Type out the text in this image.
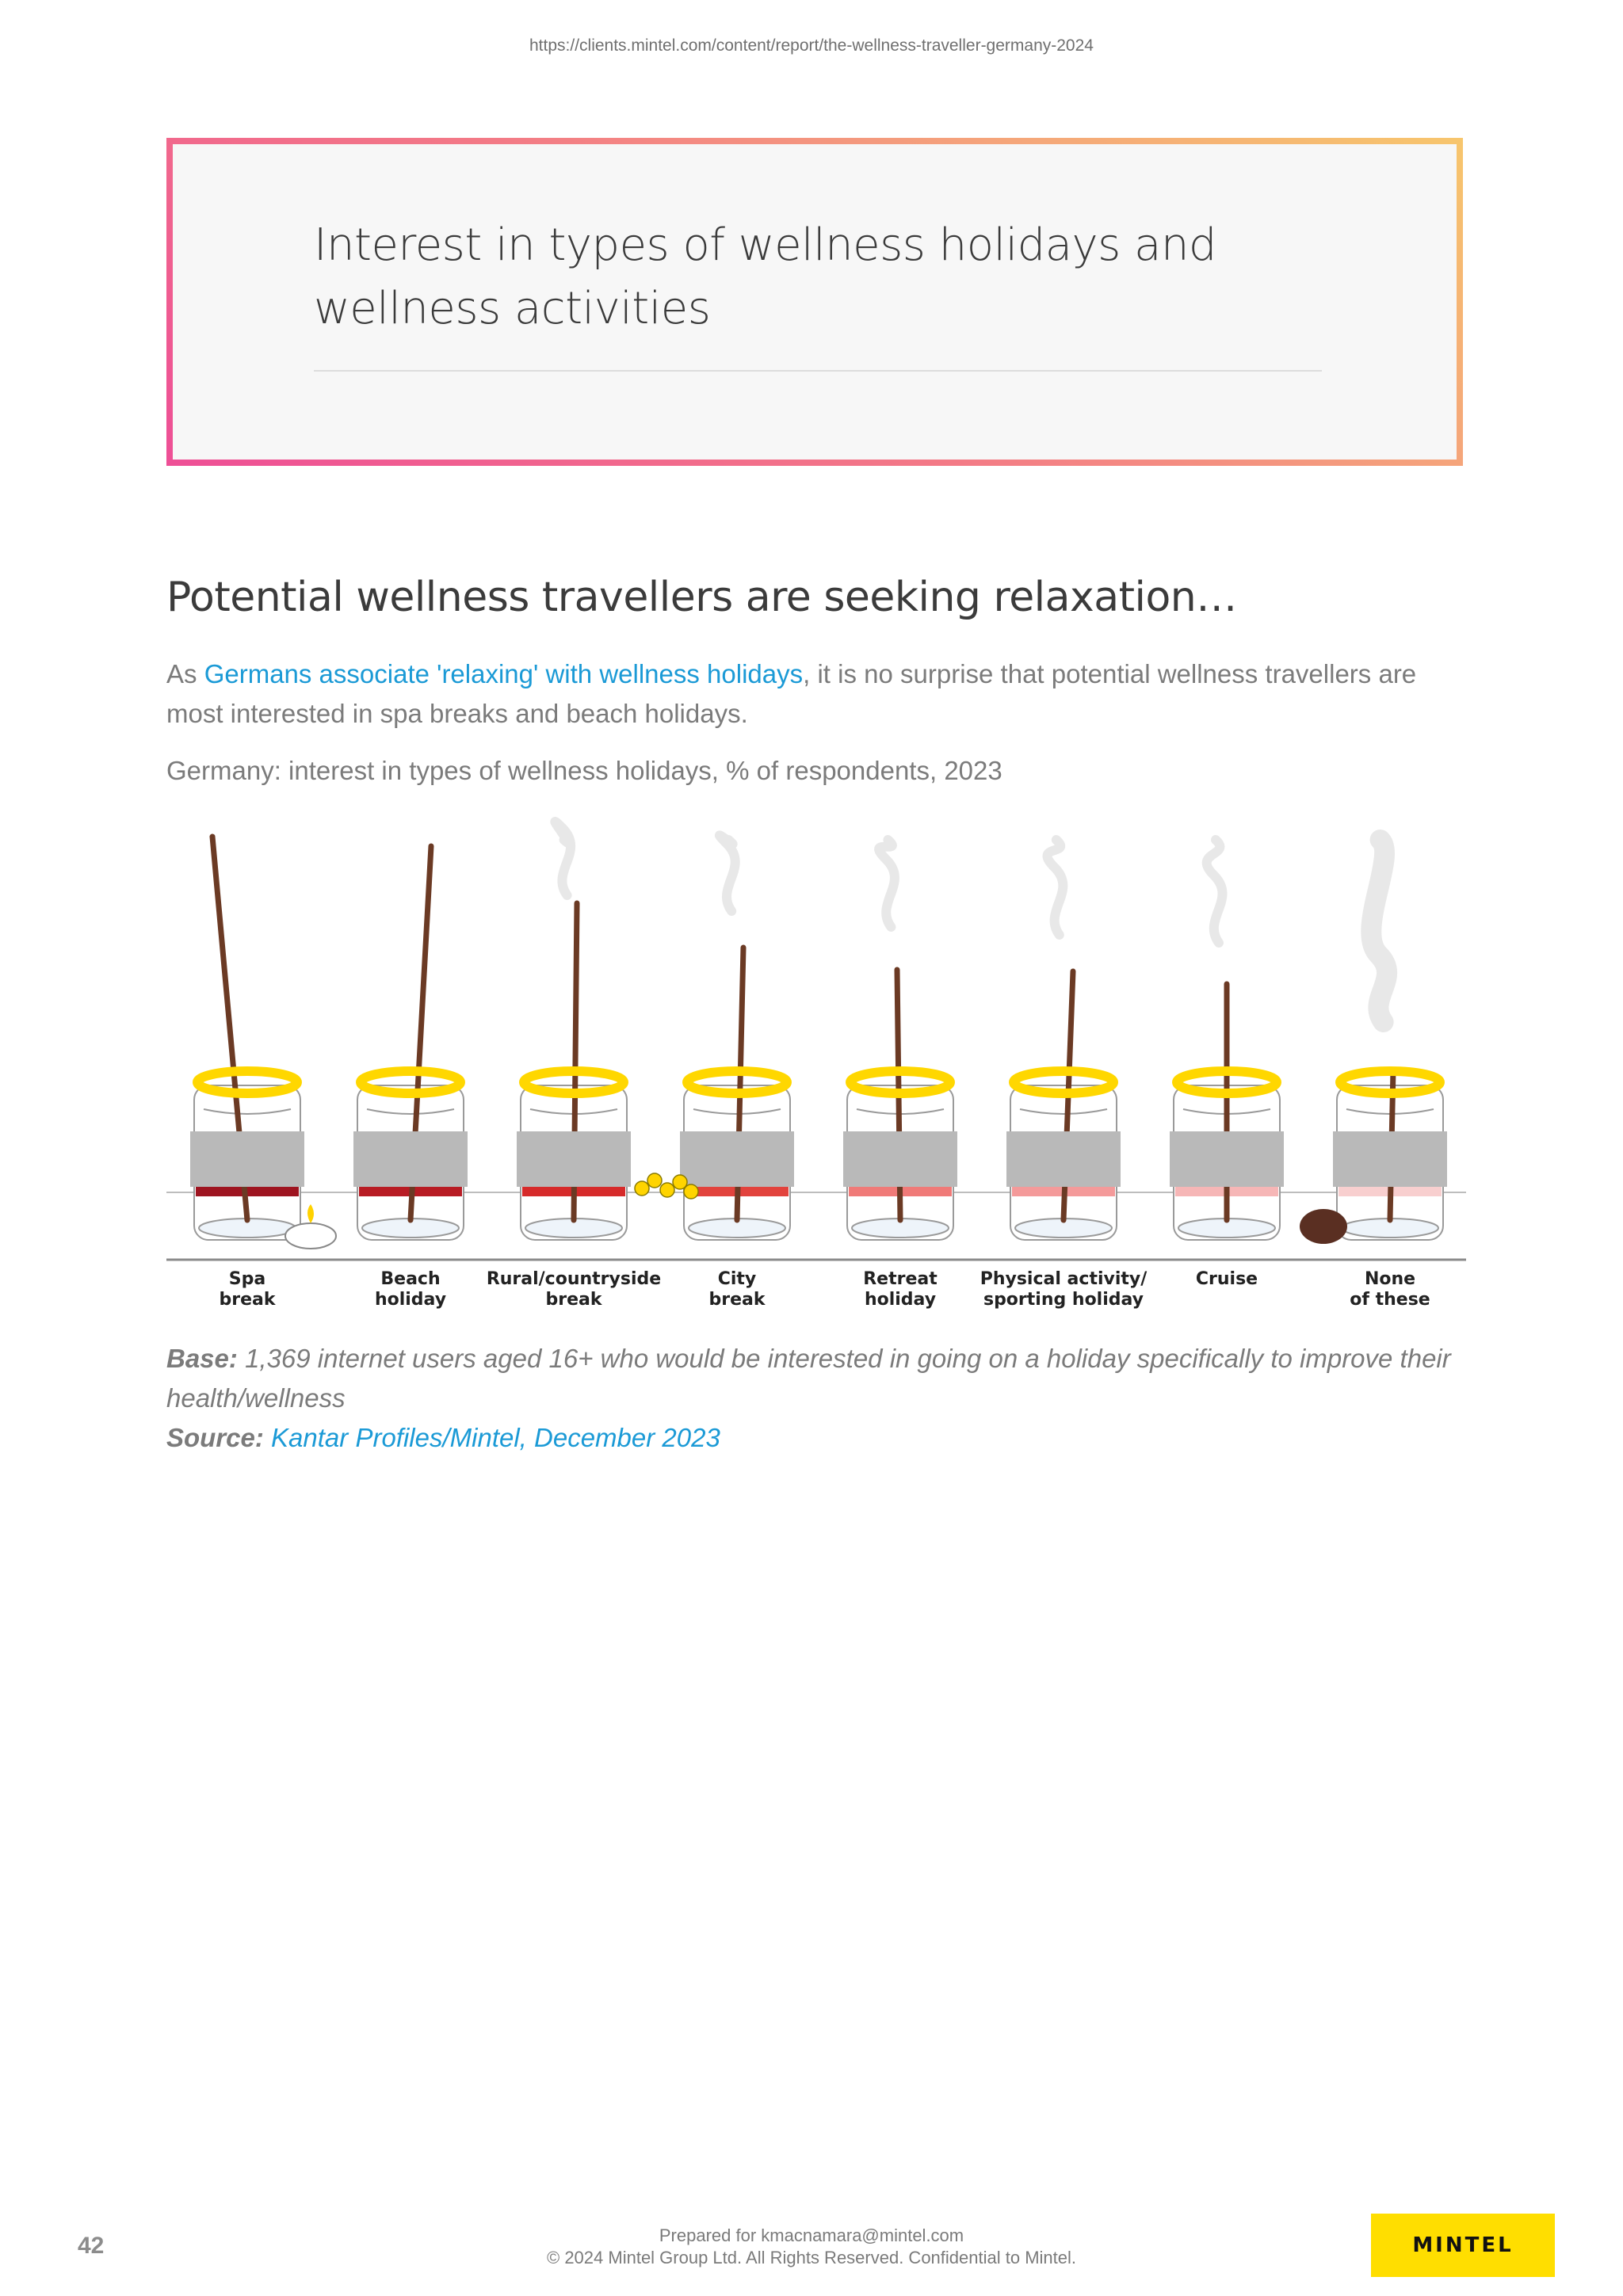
https://clients.mintel.com/content/report/the-wellness-traveller-germany-2024
Interest in types of wellness holidays and wellness activities
Potential wellness travellers are seeking relaxation…

As Germans associate 'relaxing' with wellness holidays, it is no surprise that potential wellness travellers are most interested in spa breaks and beach holidays.

Germany: interest in types of wellness holidays, % of respondents, 2023

Spa
break
Beach
holiday
Rural/countryside
break
City
break
Retreat
holiday
Physical activity/
sporting holiday
Cruise	None
of these

Base: 1,369 internet users aged 16+ who would be interested in going on a holiday specifically to improve their health/wellness

Source: Kantar Profiles/Mintel, December 2023

42	Prepared for kmacnamara@mintel.com
© 2024 Mintel Group Ltd. All Rights Reserved. Confidential to Mintel.
MINTEL
